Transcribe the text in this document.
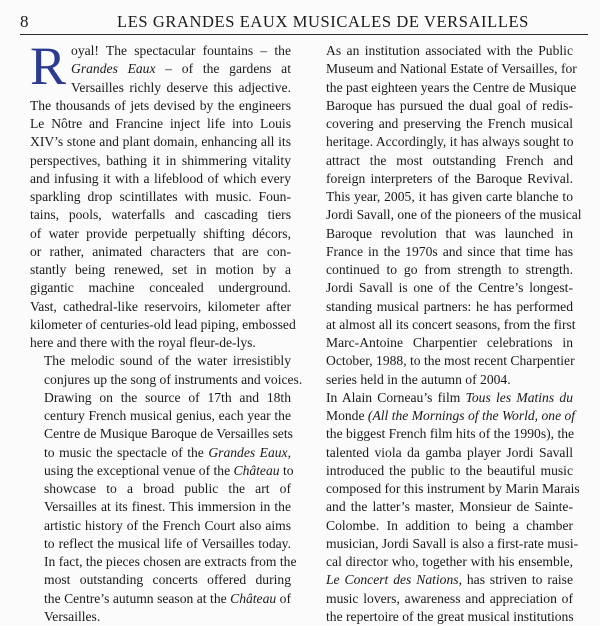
8	LES GRANDES EAUX MUSICALES DE VERSAILLES

R oyal! The spectacular fountains – the
Grandes Eaux – of the gardens at
Versailles richly deserve this adjective.
The thousands of jets devised by the engineers
Le Nôtre and Francine inject life into Louis
XIV’s stone and plant domain, enhancing all its
perspectives, bathing it in shimmering vitality
and infusing it with a lifeblood of which every
sparkling drop scintillates with music. Foun-
tains, pools, waterfalls and cascading tiers
of water provide perpetually shifting décors,
or rather, animated characters that are con-
stantly being renewed, set in motion by a
gigantic machine concealed underground.
Vast, cathedral-like reservoirs, kilometer after
kilometer of centuries-old lead piping, embossed
here and there with the royal fleur-de-lys.

The melodic sound of the water irresistibly
conjures up the song of instruments and voices.
Drawing on the source of 17th and 18th
century French musical genius, each year the
Centre de Musique Baroque de Versailles sets
to music the spectacle of the Grandes Eaux,
using the exceptional venue of the Château to
showcase to a broad public the art of
Versailles at its finest. This immersion in the
artistic history of the French Court also aims
to reflect the musical life of Versailles today.
In fact, the pieces chosen are extracts from the
most outstanding concerts offered during
the Centre’s autumn season at the Château of
Versailles.

As an institution associated with the Public
Museum and National Estate of Versailles, for
the past eighteen years the Centre de Musique
Baroque has pursued the dual goal of redis-
covering and preserving the French musical
heritage. Accordingly, it has always sought to
attract the most outstanding French and
foreign interpreters of the Baroque Revival.
This year, 2005, it has given carte blanche to
Jordi Savall, one of the pioneers of the musical
Baroque revolution that was launched in
France in the 1970s and since that time has
continued to go from strength to strength.
Jordi Savall is one of the Centre’s longest-
standing musical partners: he has performed
at almost all its concert seasons, from the first
Marc-Antoine Charpentier celebrations in
October, 1988, to the most recent Charpentier
series held in the autumn of 2004.

In Alain Corneau’s film Tous les Matins du
Monde (All the Mornings of the World, one of
the biggest French film hits of the 1990s), the
talented viola da gamba player Jordi Savall
introduced the public to the beautiful music
composed for this instrument by Marin Marais
and the latter’s master, Monsieur de Sainte-
Colombe. In addition to being a chamber
musician, Jordi Savall is also a first-rate musi-
cal director who, together with his ensemble,
Le Concert des Nations, has striven to raise
music lovers, awareness and appreciation of
the repertoire of the great musical institutions
